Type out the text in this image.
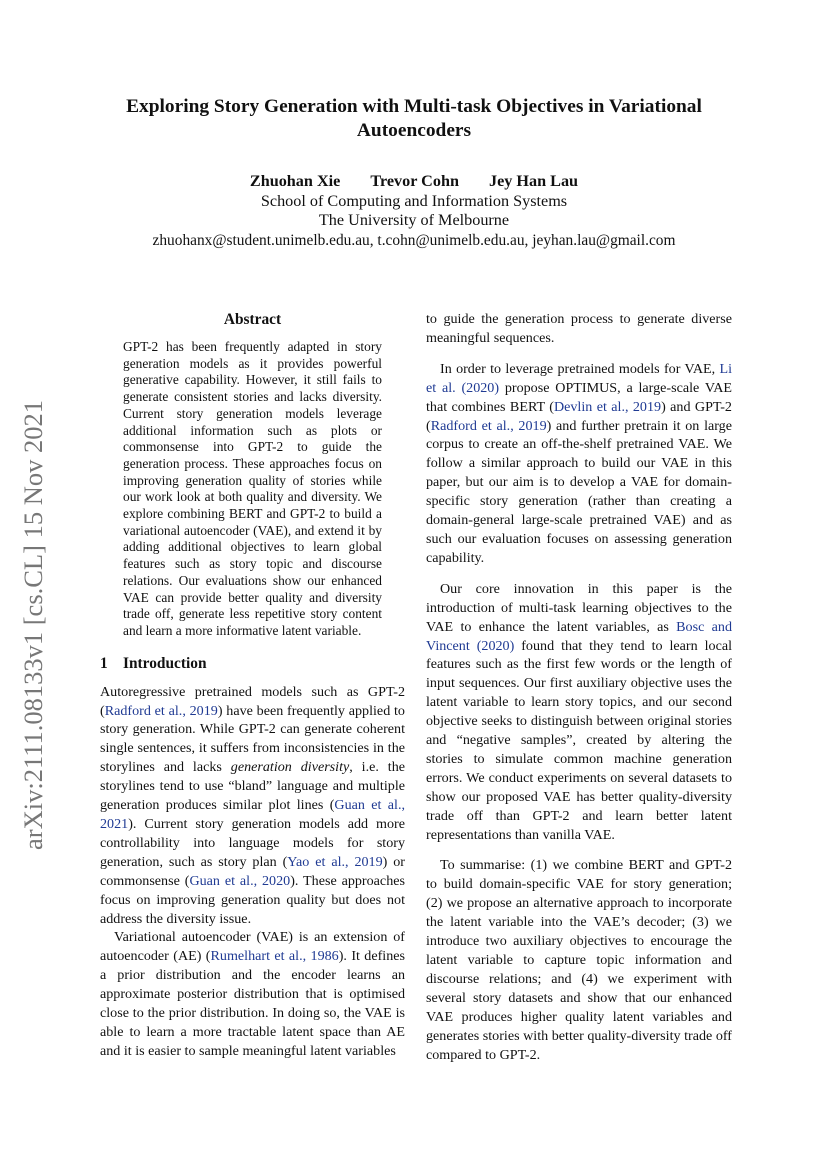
arXiv:2111.08133v1 [cs.CL] 15 Nov 2021
Exploring Story Generation with Multi-task Objectives in Variational Autoencoders
Zhuohan Xie Trevor Cohn Jey Han Lau
School of Computing and Information Systems
The University of Melbourne
zhuohanx@student.unimelb.edu.au, t.cohn@unimelb.edu.au, jeyhan.lau@gmail.com
Abstract
GPT-2 has been frequently adapted in story generation models as it provides powerful generative capability. However, it still fails to generate consistent stories and lacks diversity. Current story generation models leverage additional information such as plots or commonsense into GPT-2 to guide the generation process. These approaches focus on improving generation quality of stories while our work look at both quality and diversity. We explore combining BERT and GPT-2 to build a variational autoencoder (VAE), and extend it by adding additional objectives to learn global features such as story topic and discourse relations. Our evaluations show our enhanced VAE can provide better quality and diversity trade off, generate less repetitive story content and learn a more informative latent variable.
1 Introduction

Autoregressive pretrained models such as GPT-2 (Radford et al., 2019) have been frequently applied to story generation. While GPT-2 can generate coherent single sentences, it suffers from inconsistencies in the storylines and lacks generation diversity, i.e. the storylines tend to use “bland” language and multiple generation produces similar plot lines (Guan et al., 2021). Current story generation models add more controllability into language models for story generation, such as story plan (Yao et al., 2019) or commonsense (Guan et al., 2020). These approaches focus on improving generation quality but does not address the diversity issue.

Variational autoencoder (VAE) is an extension of autoencoder (AE) (Rumelhart et al., 1986). It defines a prior distribution and the encoder learns an approximate posterior distribution that is optimised close to the prior distribution. In doing so, the VAE is able to learn a more tractable latent space than AE and it is easier to sample meaningful latent variables

to guide the generation process to generate diverse meaningful sequences.

In order to leverage pretrained models for VAE, Li et al. (2020) propose OPTIMUS, a large-scale VAE that combines BERT (Devlin et al., 2019) and GPT-2 (Radford et al., 2019) and further pretrain it on large corpus to create an off-the-shelf pretrained VAE. We follow a similar approach to build our VAE in this paper, but our aim is to develop a VAE for domain-specific story generation (rather than creating a domain-general large-scale pretrained VAE) and as such our evaluation focuses on assessing generation capability.

Our core innovation in this paper is the introduction of multi-task learning objectives to the VAE to enhance the latent variables, as Bosc and Vincent (2020) found that they tend to learn local features such as the first few words or the length of input sequences. Our first auxiliary objective uses the latent variable to learn story topics, and our second objective seeks to distinguish between original stories and “negative samples”, created by altering the stories to simulate common machine generation errors. We conduct experiments on several datasets to show our proposed VAE has better quality-diversity trade off than GPT-2 and learn better latent representations than vanilla VAE.

To summarise: (1) we combine BERT and GPT-2 to build domain-specific VAE for story generation; (2) we propose an alternative approach to incorporate the latent variable into the VAE’s decoder; (3) we introduce two auxiliary objectives to encourage the latent variable to capture topic information and discourse relations; and (4) we experiment with several story datasets and show that our enhanced VAE produces higher quality latent variables and generates stories with better quality-diversity trade off compared to GPT-2.
